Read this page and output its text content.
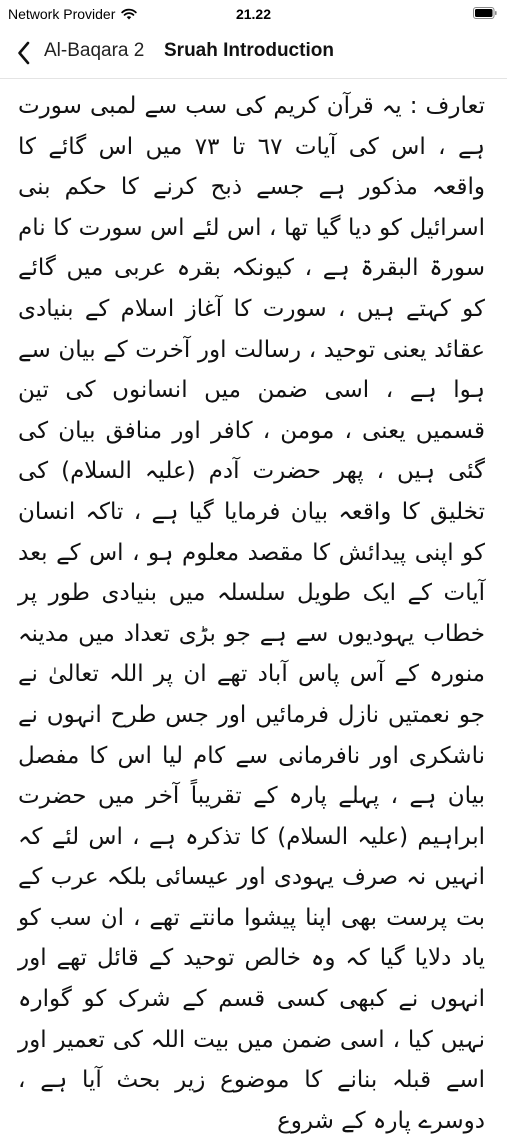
Network Provider	21.22
Al-Baqara 2 Sruah Introduction

تعارف : یہ قرآن کریم کی سب سے لمبی سورت ہے ، اس کی آیات ٦٧ تا ٧٣ میں اس گائے کا واقعہ مذکور ہے جسے ذبح کرنے کا حکم بنی اسرائیل کو دیا گیا تھا ، اس لئے اس سورت کا نام سورۃ البقرۃ ہے ، کیونکہ بقرہ عربی میں گائے کو کہتے ہیں ، سورت کا آغاز اسلام کے بنیادی عقائد یعنی توحید ، رسالت اور آخرت کے بیان سے ہوا ہے ، اسی ضمن میں انسانوں کی تین قسمیں یعنی ، مومن ، کافر اور منافق بیان کی گئی ہیں ، پھر حضرت آدم (علیہ السلام) کی تخلیق کا واقعہ بیان فرمایا گیا ہے ، تاکہ انسان کو اپنی پیدائش کا مقصد معلوم ہو ، اس کے بعد آیات کے ایک طویل سلسلہ میں بنیادی طور پر خطاب یہودیوں سے ہے جو بڑی تعداد میں مدینہ منورہ کے آس پاس آباد تھے ان پر اللہ تعالیٰ نے جو نعمتیں نازل فرمائیں اور جس طرح انہوں نے ناشکری اور نافرمانی سے کام لیا اس کا مفصل بیان ہے ، پہلے پارہ کے تقریباً آخر میں حضرت ابراہیم (علیہ السلام) کا تذکرہ ہے ، اس لئے کہ انہیں نہ صرف یہودی اور عیسائی بلکہ عرب کے بت پرست بھی اپنا پیشوا مانتے تھے ، ان سب کو یاد دلایا گیا کہ وہ خالص توحید کے قائل تھے اور انہوں نے کبھی کسی قسم کے شرک کو گوارہ نہیں کیا ، اسی ضمن میں بیت اللہ کی تعمیر اور اسے قبلہ بنانے کا موضوع زیر بحث آیا ہے ، دوسرے پارہ کے شروع
